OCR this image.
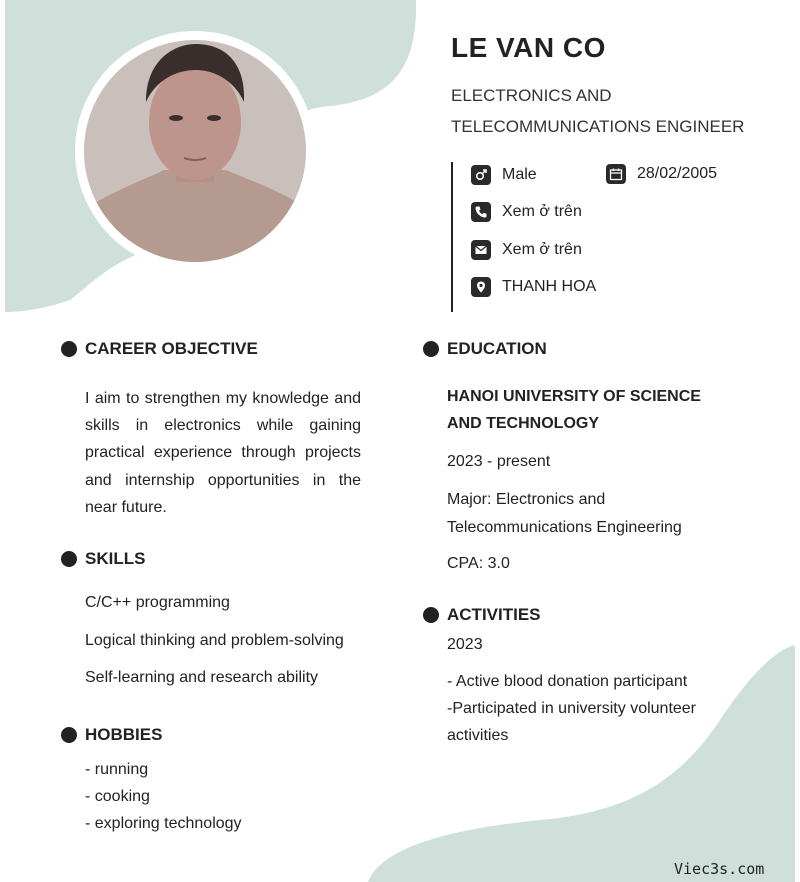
LE VAN CO
ELECTRONICS AND TELECOMMUNICATIONS ENGINEER
Male	28/02/2005
Xem ở trên
Xem ở trên
THANH HOA
CAREER OBJECTIVE
I aim to strengthen my knowledge and skills in electronics while gaining practical experience through projects and internship opportunities in the near future.
SKILLS
C/C++ programming
Logical thinking and problem-solving
Self-learning and research ability
HOBBIES
- running
- cooking
- exploring technology
EDUCATION
HANOI UNIVERSITY OF SCIENCE AND TECHNOLOGY
2023 - present
Major: Electronics and Telecommunications Engineering
CPA: 3.0
ACTIVITIES
2023
- Active blood donation participant
-Participated in university volunteer
activities
Viec3s.com
